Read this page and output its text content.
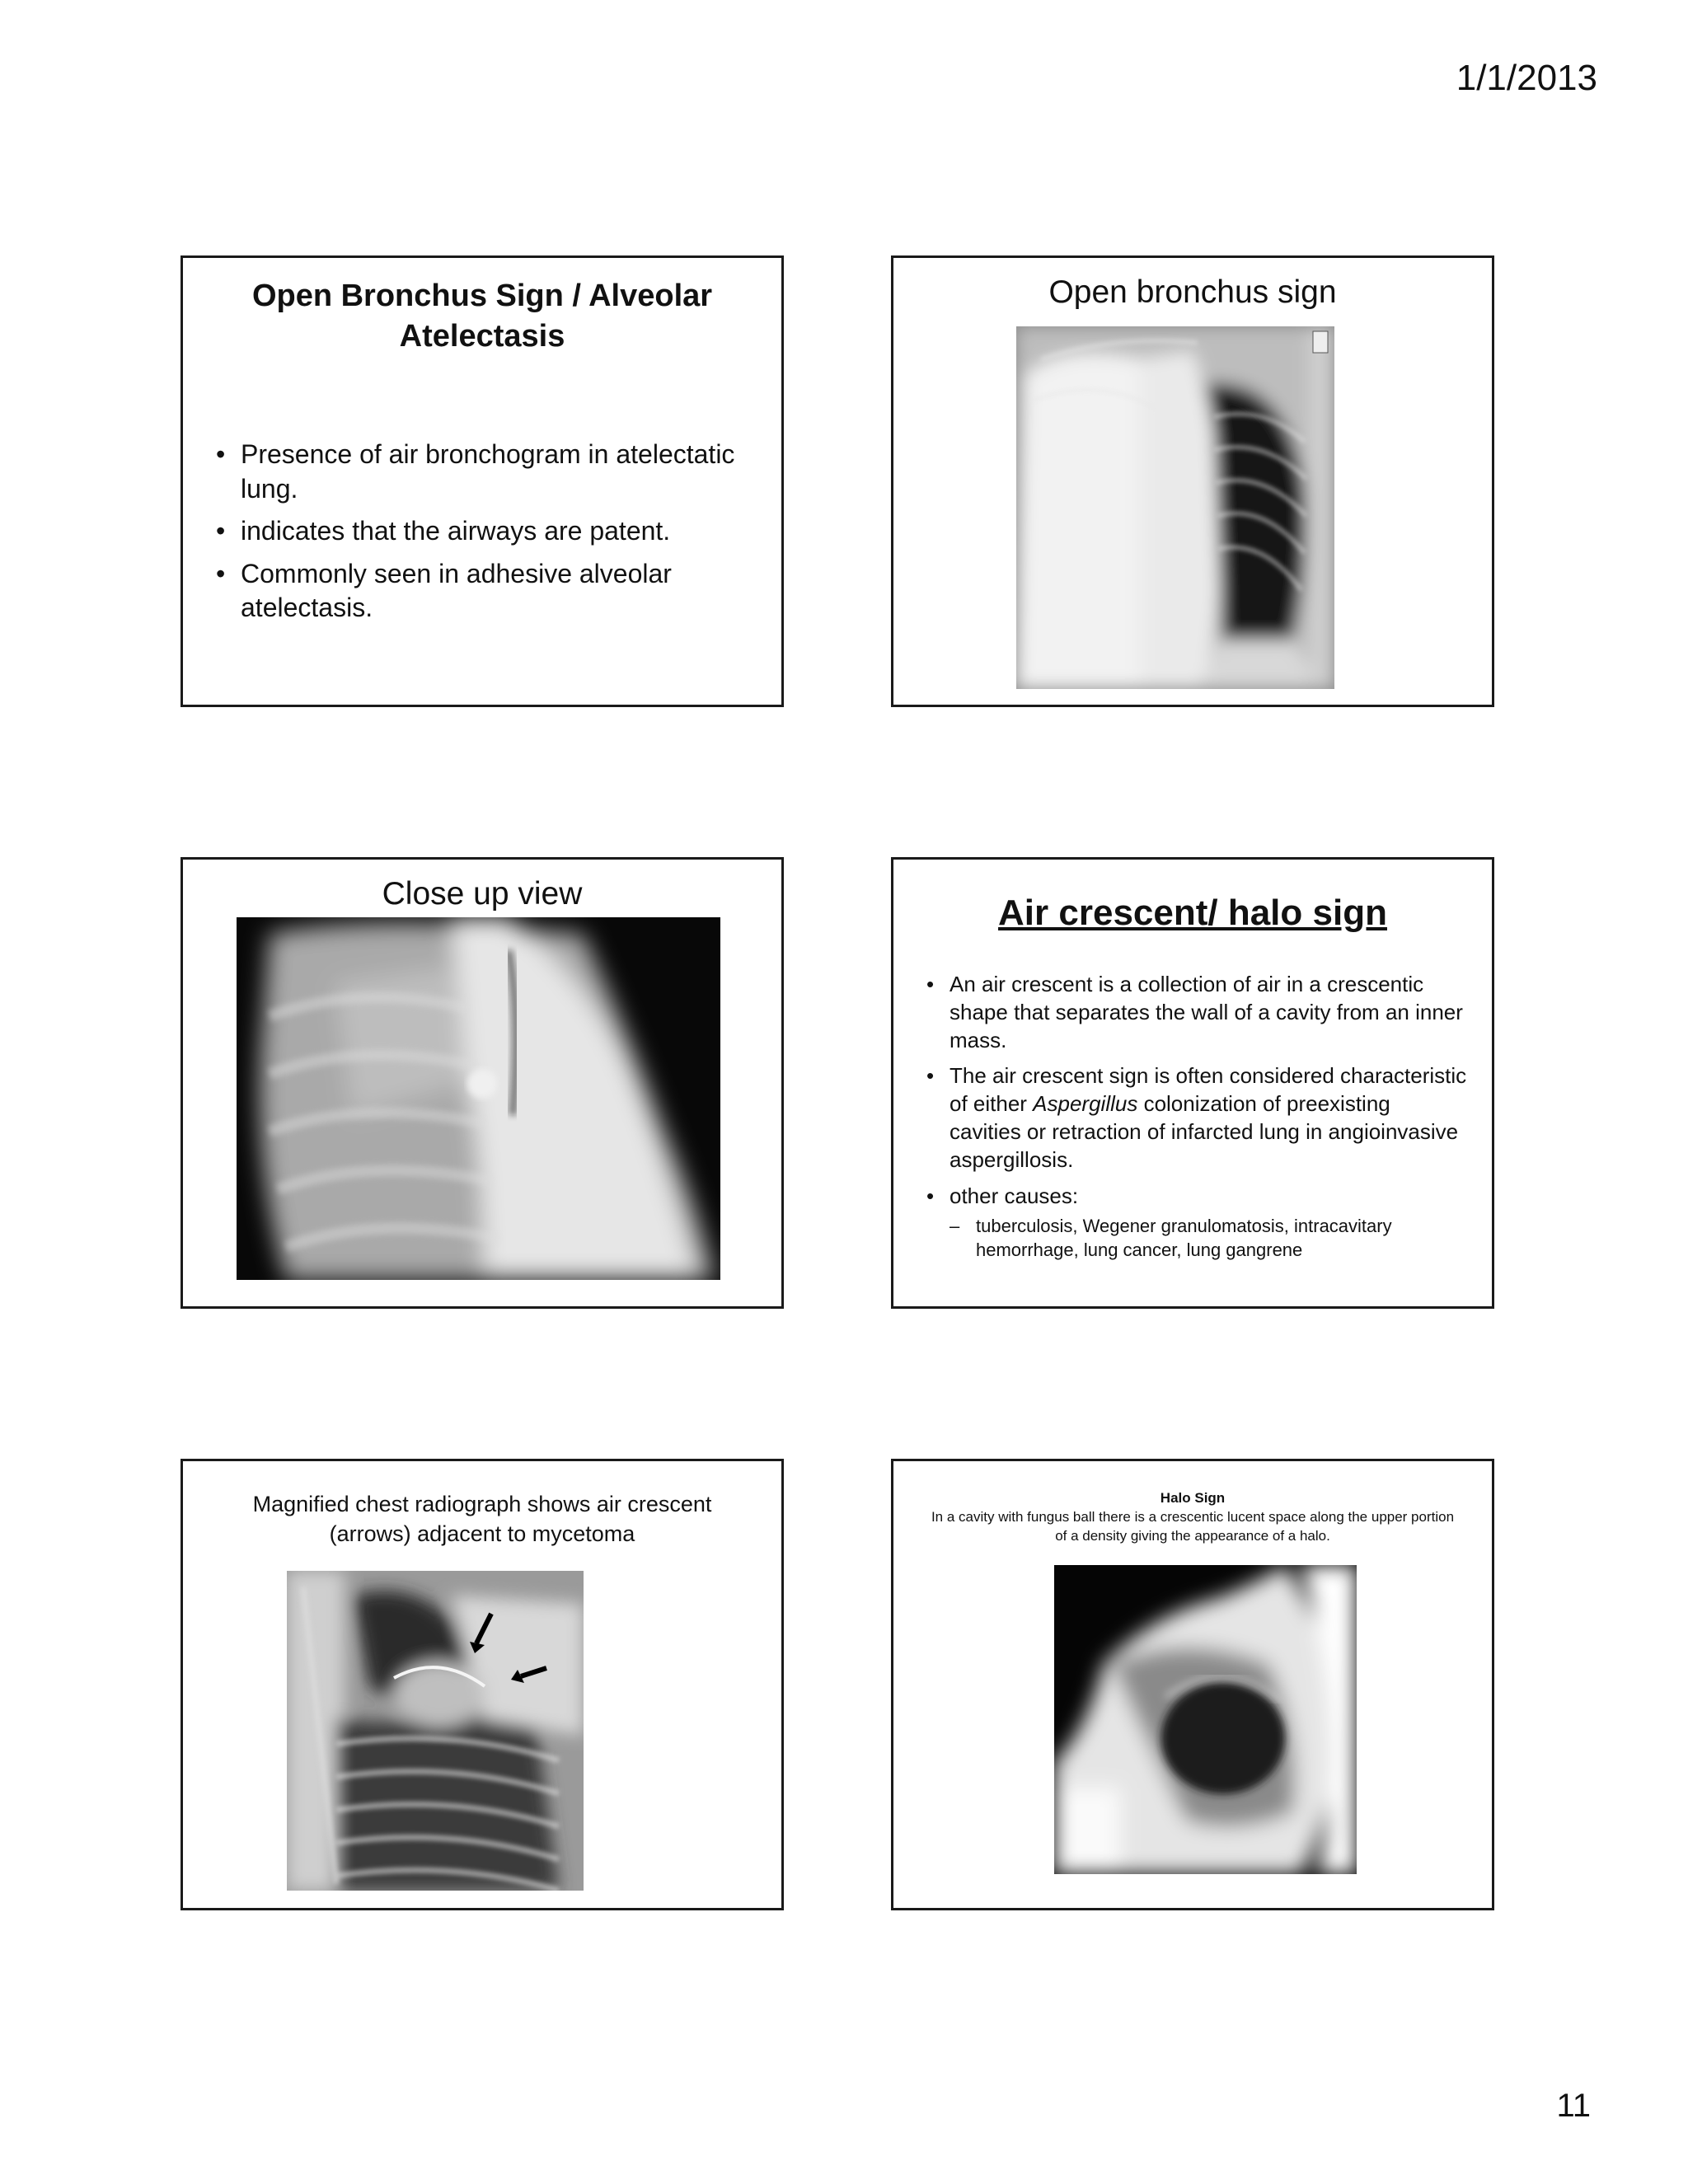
1/1/2013
Open Bronchus Sign / Alveolar Atelectasis
• Presence of air bronchogram in atelectatic lung.
• indicates that the airways are patent.
• Commonly seen in adhesive alveolar atelectasis.
Open bronchus sign
Close up view	Air crescent/ halo sign
• An air crescent is a collection of air in a crescentic shape that separates the wall of a cavity from an inner mass.
• The air crescent sign is often considered characteristic of either Aspergillus colonization of preexisting cavities or retraction of infarcted lung in angioinvasive aspergillosis.
• other causes:
– tuberculosis, Wegener granulomatosis, intracavitary hemorrhage, lung cancer, lung gangrene
Magnified chest radiograph shows air crescent (arrows) adjacent to mycetoma
Halo Sign
In a cavity with fungus ball there is a crescentic lucent space along the upper portion of a density giving the appearance of a halo.
11
